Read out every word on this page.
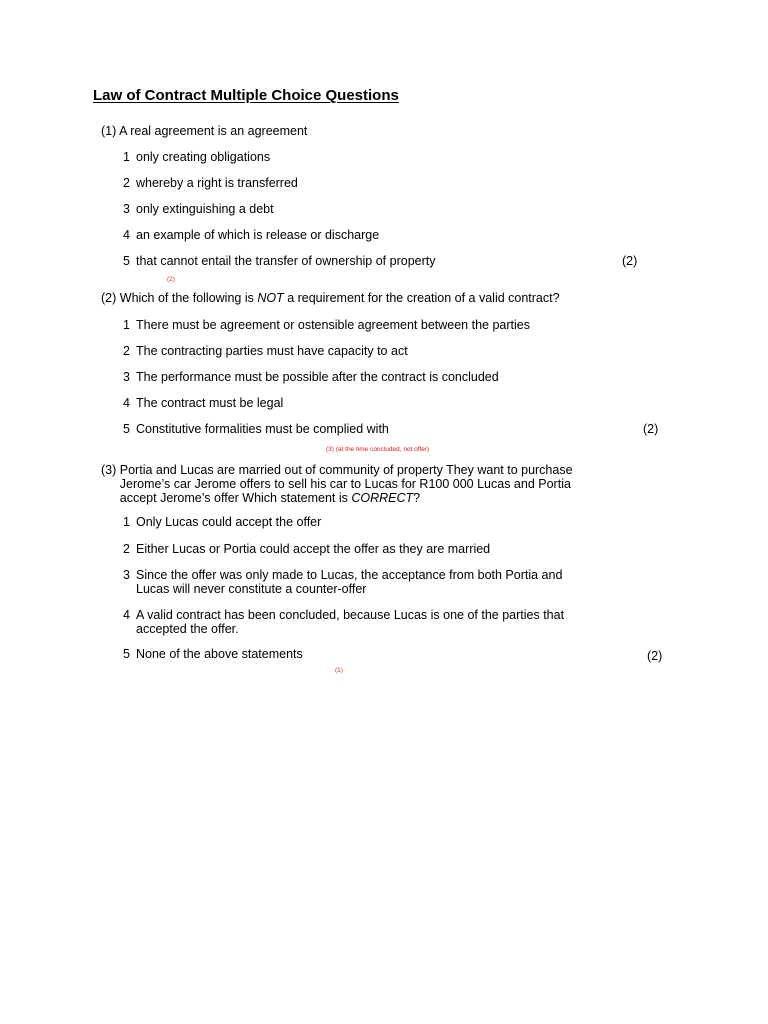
Law of Contract Multiple Choice Questions
(1) A real agreement is an agreement
1 only creating obligations
2 whereby a right is transferred
3 only extinguishing a debt
4 an example of which is release or discharge
5 that cannot entail the transfer of ownership of property	(2)
(2)
(2) Which of the following is NOT a requirement for the creation of a valid contract?
1 There must be agreement or ostensible agreement between the parties
2 The contracting parties must have capacity to act
3 The performance must be possible after the contract is concluded
4 The contract must be legal
5 Constitutive formalities must be complied with	(2)
(3) (at the time concluded, not offer)
(3) Portia and Lucas are married out of community of property They want to purchase
Jerome’s car Jerome offers to sell his car to Lucas for R100 000 Lucas and Portia
accept Jerome’s offer Which statement is CORRECT?
1 Only Lucas could accept the offer
2 Either Lucas or Portia could accept the offer as they are married
3 Since the offer was only made to Lucas, the acceptance from both Portia and
Lucas will never constitute a counter-offer
4 A valid contract has been concluded, because Lucas is one of the parties that
accepted the offer.
5 None of the above statements	(2)
(1)
